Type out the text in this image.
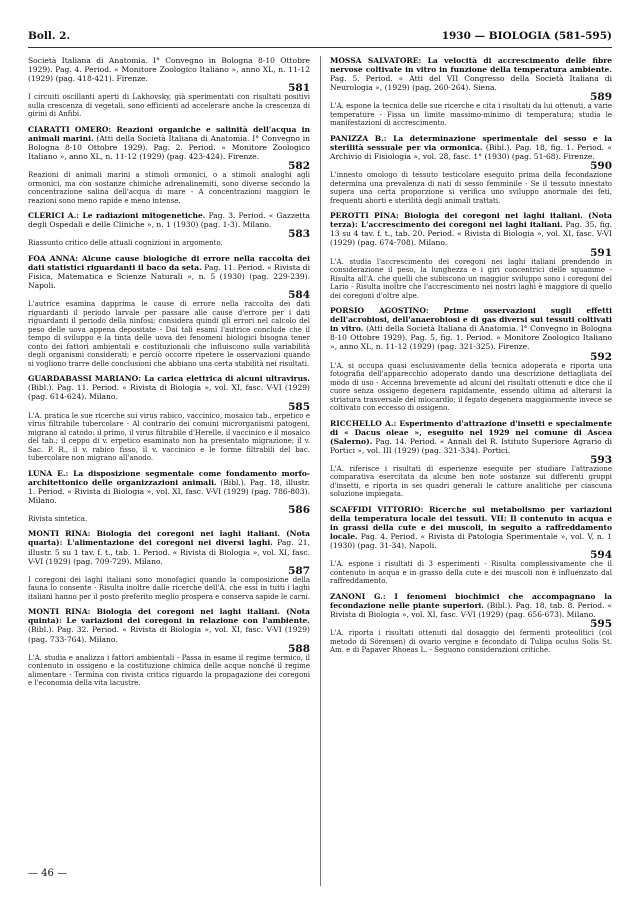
Boll. 2.	1930 — BIOLOGIA (581-595)
Società Italiana di Anatomia. I° Convegno in Bologna 8-10 Ottobre 1929). Pag. 4. Period. « Monitore Zoologico Italiano », anno XL, n. 11-12 (1929) (pag. 418-421). Firenze.
581
I circuiti oscillanti aperti di Lakhovsky, già sperimentati con risultati positivi sulla crescenza di vegetali, sono efficienti ad accelerare anche la crescenza di girini di Anfibi.
CIARATTI OMERO: Reazioni organiche e salinità dell'acqua in animali marini. (Atti della Società Italiana di Anatomia. I° Convegno in Bologna 8-10 Ottobre 1929). Pag. 2. Period. « Monitore Zoologico Italiano », anno XL, n. 11-12 (1929) (pag. 423-424). Firenze.
582
Reazioni di animali marini a stimoli ormonici, o a stimoli analoghi agli ormonici, ma con sostanze chimiche adrenalinemiti, sono diverse secondo la concentrazione salina dell'acqua di mare - A concentrazioni maggiori le reazioni sono meno rapide e meno intense.
CLERICI A.: Le radiazioni mitogenetiche. Pag. 3. Period. « Gazzetta degli Ospedali e delle Cliniche », n. 1 (1930) (pag. 1-3). Milano.
583
Riassunto critico delle attuali cognizioni in argomento.
FOA ANNA: Alcune cause biologiche di errore nella raccolta dei dati statistici riguardanti il baco da seta. Pag. 11. Period. « Rivista di Fisica, Matematica e Scienze Naturali », n. 5 (1930) (pag. 229-239). Napoli.
584
L'autrice esamina dapprima le cause di errore nella raccolta dei dati riguardanti il periodo larvale per passare alle cause d'errore per i dati riguardanti il periodo della ninfosi; considera quindi gli errori nel calcolo del peso delle uova appena depositate - Dai tali esami l'autrice conclude che il tempo di sviluppo e la tinta delle uova dei fenomeni biologici bisogna tener conto dei fattori ambientali e costituzionali che influiscono sulla variabilità degli organismi considerati; e perciò occorre ripetere le osservazioni quando si vogliono trarre delle conclusioni che abbiano una certa stabilità nei risultati.
GUARDABASSI MARIANO: La carica elettrica di alcuni ultravirus. (Bibl.). Pag. 11. Period. « Rivista di Biologia », vol. XI, fasc. V-VI (1929) (pag. 614-624). Milano.
585
L'A. pratica le sue ricerche sui virus rabico, vaccinico, mosaico tab., erpetico e virus filtrabile tubercolare - Al contrario dei comuni microrganismi patogeni, migrano al catodo: il primo, il virus filtrabile d'Herelle, il vaccinico e il mosaico del tab.; il ceppo di v. erpetico esaminato non ha presentato migrazione; il v. Sac. P. R., il v. rabico fisso, il v. vaccinico e le forme filtrabili del bac. tubercolare non migrano all'anodo.
LUNA E.: La disposizione segmentale come fondamento morfo-architettonico delle organizzazioni animali. (Bibl.). Pag. 18, illustr. 1. Period. « Rivista di Biologia », vol. XI, fasc. V-VI (1929) (pag. 786-803). Milano.
586
Rivista sintetica.
MONTI RINA: Biologia dei coregoni nei laghi italiani. (Nota quarta): L'alimentazione dei coregoni nei diversi laghi. Pag. 21, illustr. 5 su 1 tav. f. t., tab. 1. Period. « Rivista di Biologia », vol. XI, fasc. V-VI (1929) (pag. 709-729). Milano.
587
I coregoni dei laghi italiani sono monofagici quando la composizione della fauna lo consente - Risulta inoltre dalle ricerche dell'A. che essi in tutti i laghi italiani hanno per il posto preferito meglio prospera e conserva sapide le carni.
MONTI RINA: Biologia dei coregoni nei laghi italiani. (Nota quinta): Le variazioni dei coregoni in relazione con l'ambiente. (Bibl.). Pag. 32. Period. « Rivista di Biologia », vol. XI, fasc. V-VI (1929) (pag. 733-764). Milano.
588
L'A. studia e analizza i fattori ambientali - Passa in esame il regime termico, il contenuto in ossigeno e la costituzione chimica delle acque nonché il regime alimentare - Termina con rivista critica riguardo la propagazione dei coregoni e l'economia della vita lacustre.
MOSSA SALVATORE: La velocità di accrescimento delle fibre nervose coltivate in vitro in funzione della temperatura ambiente. Pag. 5. Period. « Atti del VII Congresso della Società Italiana di Neurologia », (1929) (pag. 260-264). Siena.
589
L'A. espone la tecnica delle sue ricerche e cita i risultati da lui ottenuti, a varie temperature - Fissa un limite massimo-minimo di temperatura; studia le manifestazioni di accrescimento.
PANIZZA B.: La determinazione sperimentale del sesso e la sterilità sessuale per via ormonica. (Bibl.). Pag. 18, fig. 1. Period. « Archivio di Fisiologia », vol. 28, fasc. 1° (1930) (pag. 51-68). Firenze.
590
L'innesto omologo di tessuto testicolare eseguito prima della fecondazione determina una prevalenza di nati di sesso femminile - Se il tessuto innestato supera una certa proporzione si verifica uno sviluppo anormale dei feti, frequenti aborti e sterilità degli animali trattati.
PEROTTI PINA: Biologia dei coregoni nei laghi italiani. (Nota terza): L'accrescimento dei coregoni nei laghi italiani. Pag. 35, fig. 13 su 4 tav. f. t., tab. 20. Period. « Rivista di Biologia », vol. XI, fasc. V-VI (1929) (pag. 674-708). Milano.
591
L'A. studia l'accrescimento dei coregoni nei laghi italiani prendendo in considerazione il peso, la lunghezza e i giri concentrici delle squamme - Risulta all'A. che quelli che subiscono un maggior sviluppo sono i coregoni del Lario - Risulta inoltre che l'accrescimento nei nostri laghi è maggiore di quello dei coregoni d'oltre alpe.
PORSIO AGOSTINO: Prime osservazioni sugli effetti dell'acrobiosi, dell'anaerobiosi e di gas diversi sui tessuti coltivati in vitro. (Atti della Società Italiana di Anatomia. I° Convegno in Bologna 8-10 Ottobre 1929). Pag. 5, fig. 1. Period. « Monitore Zoologico Italiano », anno XL, n. 11-12 (1929) (pag. 321-325). Firenze.
592
L'A. si occupa quasi esclusivamente della tecnica adoperata e riporta una fotografia dell'apparecchio adoperato dando una descrizione dettagliata del modo di uso - Accenna brevemente ad alcuni dei risultati ottenuti e dice che il cuore senza ossigeno degenera rapidamente, essendo ultima ad alterarsi la striatura trasversale del miocardio; il fegato degenera maggiormente invece se coltivato con eccesso di ossigeno.
RICCHELLO A.: Esperimento d'attrazione d'insetti e specialmente di « Dacus oleae », eseguito nel 1929 nel comune di Ascea (Salerno). Pag. 14. Period. « Annali del R. Istituto Superiore Agrario di Portici », vol. III (1929) (pag. 321-334). Portici.
593
L'A. riferisce i risultati di esperienze eseguite per studiare l'attrazione comparativa esercitata da alcune ben note sostanze sui differenti gruppi d'insetti, e riporta in sei quadri generali le catture analitiche per ciascuna soluzione impiegata.
SCAFFIDI VITTORIO: Ricerche sul metabolismo per variazioni della temperatura locale dei tessuti. VII: Il contenuto in acqua e in grassi della cute e dei muscoli, in seguito a raffreddamento locale. Pag. 4. Period. « Rivista di Patologia Sperimentale », vol. V, n. 1 (1930) (pag. 31-34). Napoli.
594
L'A. espone i risultati di 3 esperimenti - Risulta complessivamente che il contenuto in acqua e in grasso della cute e dei muscoli non è influenzato dal raffreddamento.
ZANONI G.: I fenomeni biochimici che accompagnano la fecondazione nelle piante superiori. (Bibl.). Pag. 18, tab. 8. Period. « Rivista di Biologia », vol. XI, fasc. V-VI (1929) (pag. 656-673). Milano.
595
L'A. riporta i risultati ottenuti dal dosaggio dei fermenti proteolitici (col metodo di Sörensen) di ovario vergine e fecondato di Tulipa oculus Solis St. Am. e di Papaver Rhoeas L. - Seguono considerazioni critiche.
— 46 —
